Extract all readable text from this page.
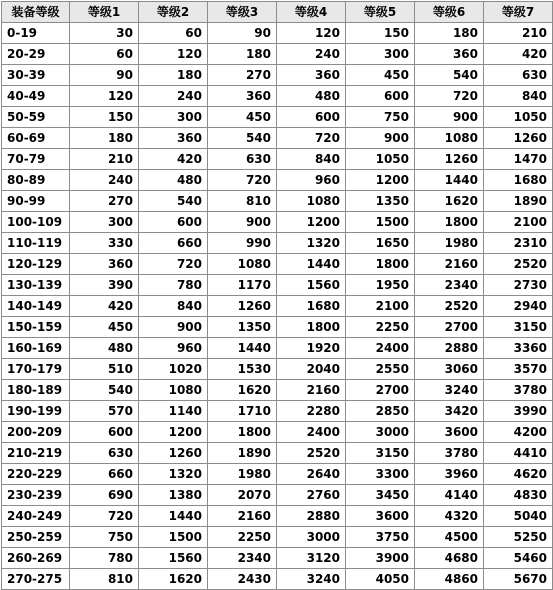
装备等级	等级1	等级2	等级3	等级4	等级5	等级6	等级7
0-19	30	60	90	120	150	180	210
20-29	60	120	180	240	300	360	420
30-39	90	180	270	360	450	540	630
40-49	120	240	360	480	600	720	840
50-59	150	300	450	600	750	900	1050
60-69	180	360	540	720	900	1080	1260
70-79	210	420	630	840	1050	1260	1470
80-89	240	480	720	960	1200	1440	1680
90-99	270	540	810	1080	1350	1620	1890
100-109	300	600	900	1200	1500	1800	2100
110-119	330	660	990	1320	1650	1980	2310
120-129	360	720	1080	1440	1800	2160	2520
130-139	390	780	1170	1560	1950	2340	2730
140-149	420	840	1260	1680	2100	2520	2940
150-159	450	900	1350	1800	2250	2700	3150
160-169	480	960	1440	1920	2400	2880	3360
170-179	510	1020	1530	2040	2550	3060	3570
180-189	540	1080	1620	2160	2700	3240	3780
190-199	570	1140	1710	2280	2850	3420	3990
200-209	600	1200	1800	2400	3000	3600	4200
210-219	630	1260	1890	2520	3150	3780	4410
220-229	660	1320	1980	2640	3300	3960	4620
230-239	690	1380	2070	2760	3450	4140	4830
240-249	720	1440	2160	2880	3600	4320	5040
250-259	750	1500	2250	3000	3750	4500	5250
260-269	780	1560	2340	3120	3900	4680	5460
270-275	810	1620	2430	3240	4050	4860	5670
